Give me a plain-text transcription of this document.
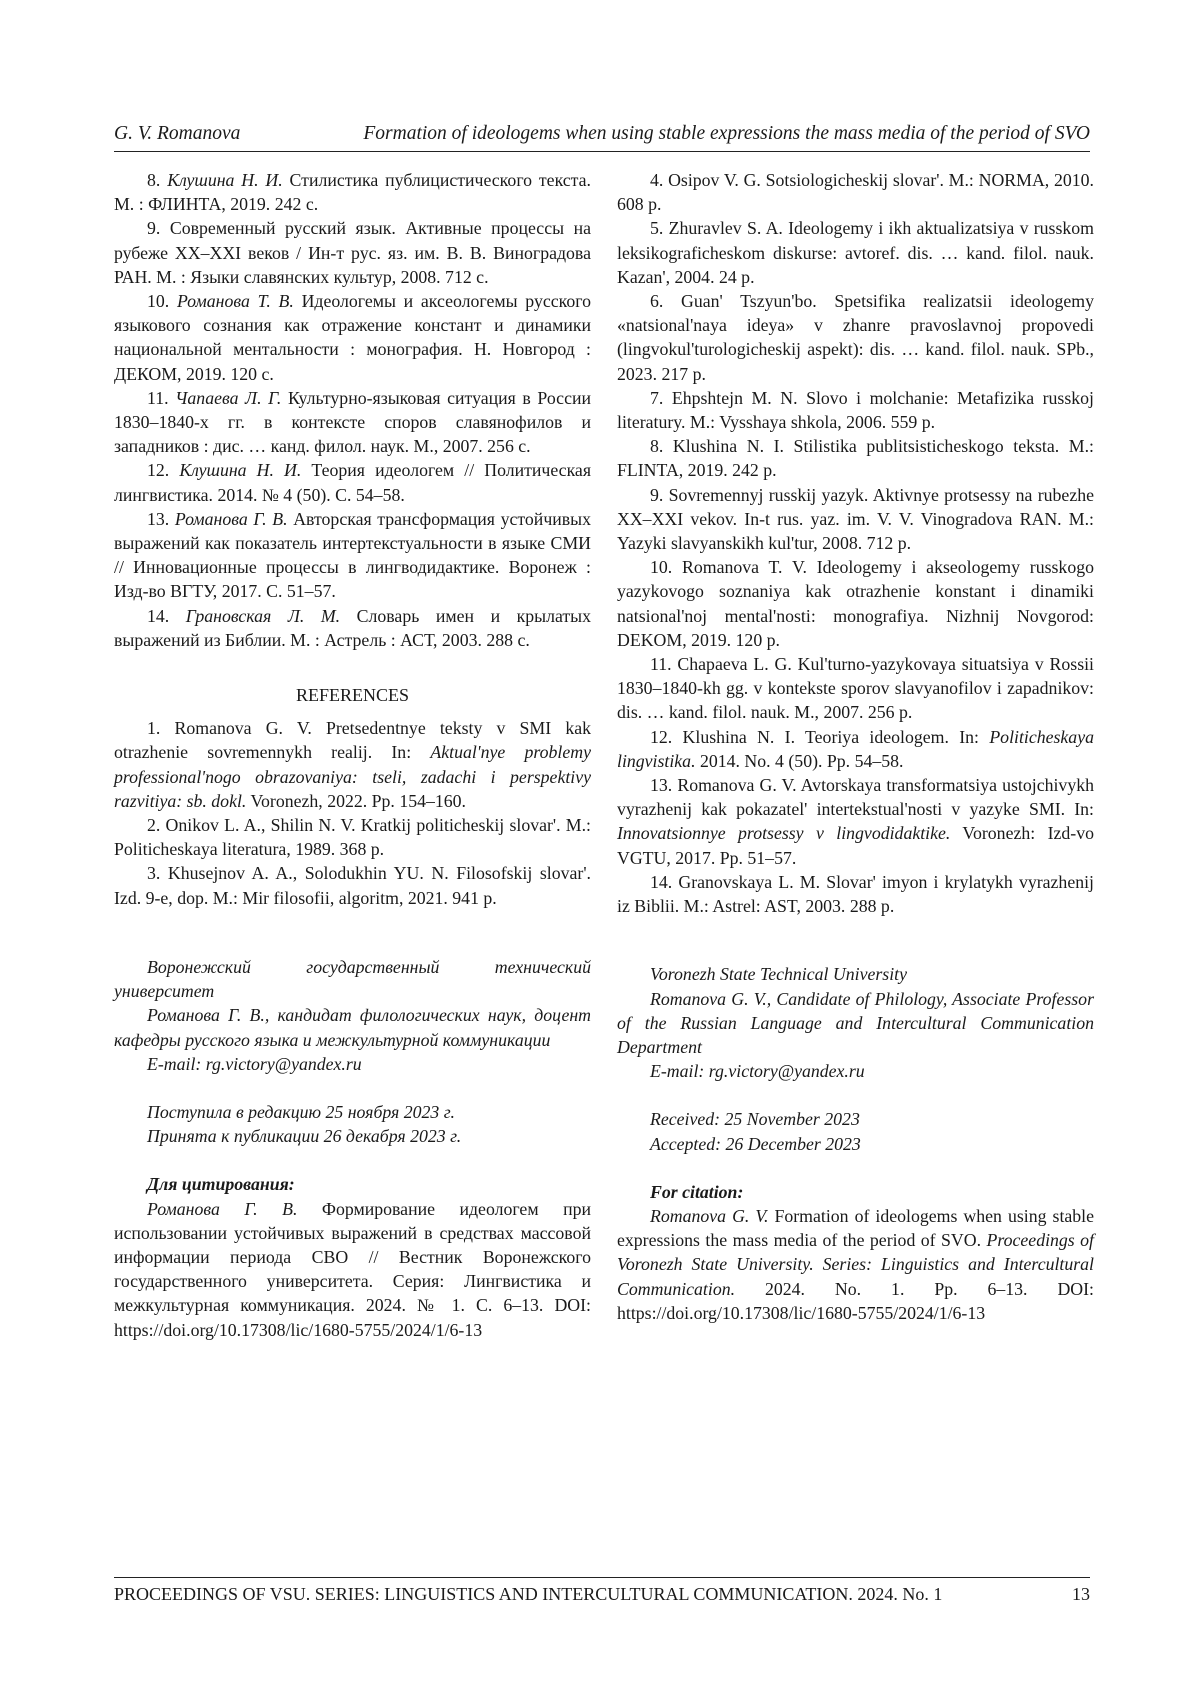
G. V. Romanova	Formation of ideologems when using stable expressions the mass media of the period of SVO

8. Клушина Н. И. Стилистика публицистического текста. М. : ФЛИНТА, 2019. 242 с.

9. Современный русский язык. Активные процессы на рубеже XX–XXI веков / Ин-т рус. яз. им. В. В. Виноградова РАН. М. : Языки славянских культур, 2008. 712 с.

10. Романова Т. В. Идеологемы и аксеологемы русского языкового сознания как отражение констант и динамики национальной ментальности : монография. Н. Новгород : ДЕКОМ, 2019. 120 с.

11. Чапаева Л. Г. Культурно-языковая ситуация в России 1830–1840-х гг. в контексте споров славянофилов и западников : дис. … канд. филол. наук. М., 2007. 256 с.

12. Клушина Н. И. Теория идеологем // Политическая лингвистика. 2014. № 4 (50). С. 54–58.

13. Романова Г. В. Авторская трансформация устойчивых выражений как показатель интертекстуальности в языке СМИ // Инновационные процессы в лингводидактике. Воронеж : Изд-во ВГТУ, 2017. С. 51–57.

14. Грановская Л. М. Словарь имен и крылатых выражений из Библии. М. : Астрель : АСТ, 2003. 288 с.

REFERENCES

1. Romanova G. V. Pretsedentnye teksty v SMI kak otrazhenie sovremennykh realij. In: Aktual'nye problemy professional'nogo obrazovaniya: tseli, zadachi i perspektivy razvitiya: sb. dokl. Voronezh, 2022. Pp. 154–160.

2. Onikov L. A., Shilin N. V. Kratkij politicheskij slovar'. M.: Politicheskaya literatura, 1989. 368 p.

3. Khusejnov A. A., Solodukhin YU. N. Filosofskij slovar'. Izd. 9-e, dop. M.: Mir filosofii, algoritm, 2021. 941 p.

Воронежский государственный технический университет

Романова Г. В., кандидат филологических наук, доцент кафедры русского языка и межкультурной коммуникации

E-mail: rg.victory@yandex.ru

Поступила в редакцию 25 ноября 2023 г.

Принята к публикации 26 декабря 2023 г.

Для цитирования:

Романова Г. В. Формирование идеологем при использовании устойчивых выражений в средствах массовой информации периода СВО // Вестник Воронежского государственного университета. Серия: Лингвистика и межкультурная коммуникация. 2024. № 1. С. 6–13. DOI: https://doi.org/10.17308/lic/1680-5755/2024/1/6-13

4. Osipov V. G. Sotsiologicheskij slovar'. M.: NORMA, 2010. 608 p.

5. Zhuravlev S. A. Ideologemy i ikh aktualizatsiya v russkom leksikograficheskom diskurse: avtoref. dis. … kand. filol. nauk. Kazan', 2004. 24 p.

6. Guan' Tszyun'bo. Spetsifika realizatsii ideologemy «natsional'naya ideya» v zhanre pravoslavnoj propovedi (lingvokul'turologicheskij aspekt): dis. … kand. filol. nauk. SPb., 2023. 217 p.

7. Ehpshtejn M. N. Slovo i molchanie: Metafizika russkoj literatury. M.: Vysshaya shkola, 2006. 559 p.

8. Klushina N. I. Stilistika publitsisticheskogo teksta. M.: FLINTA, 2019. 242 p.

9. Sovremennyj russkij yazyk. Aktivnye protsessy na rubezhe XX–XXI vekov. In-t rus. yaz. im. V. V. Vinogradova RAN. M.: Yazyki slavyanskikh kul'tur, 2008. 712 p.

10. Romanova T. V. Ideologemy i akseologemy russkogo yazykovogo soznaniya kak otrazhenie konstant i dinamiki natsional'noj mental'nosti: monografiya. Nizhnij Novgorod: DEKOM, 2019. 120 p.

11. Chapaeva L. G. Kul'turno-yazykovaya situatsiya v Rossii 1830–1840-kh gg. v kontekste sporov slavyanofilov i zapadnikov: dis. … kand. filol. nauk. M., 2007. 256 p.

12. Klushina N. I. Teoriya ideologem. In: Politicheskaya lingvistika. 2014. No. 4 (50). Pp. 54–58.

13. Romanova G. V. Avtorskaya transformatsiya ustojchivykh vyrazhenij kak pokazatel' intertekstual'nosti v yazyke SMI. In: Innovatsionnye protsessy v lingvodidaktike. Voronezh: Izd-vo VGTU, 2017. Pp. 51–57.

14. Granovskaya L. M. Slovar' imyon i krylatykh vyrazhenij iz Biblii. M.: Astrel: AST, 2003. 288 p.

Voronezh State Technical University

Romanova G. V., Candidate of Philology, Associate Professor of the Russian Language and Intercultural Communication Department

E-mail: rg.victory@yandex.ru

Received: 25 November 2023

Accepted: 26 December 2023

For citation:

Romanova G. V. Formation of ideologems when using stable expressions the mass media of the period of SVO. Proceedings of Voronezh State University. Series: Linguistics and Intercultural Communication. 2024. No. 1. Pp. 6–13. DOI: https://doi.org/10.17308/lic/1680-5755/2024/1/6-13

PROCEEDINGS OF VSU. SERIES: LINGUISTICS AND INTERCULTURAL COMMUNICATION. 2024. No. 1	13
